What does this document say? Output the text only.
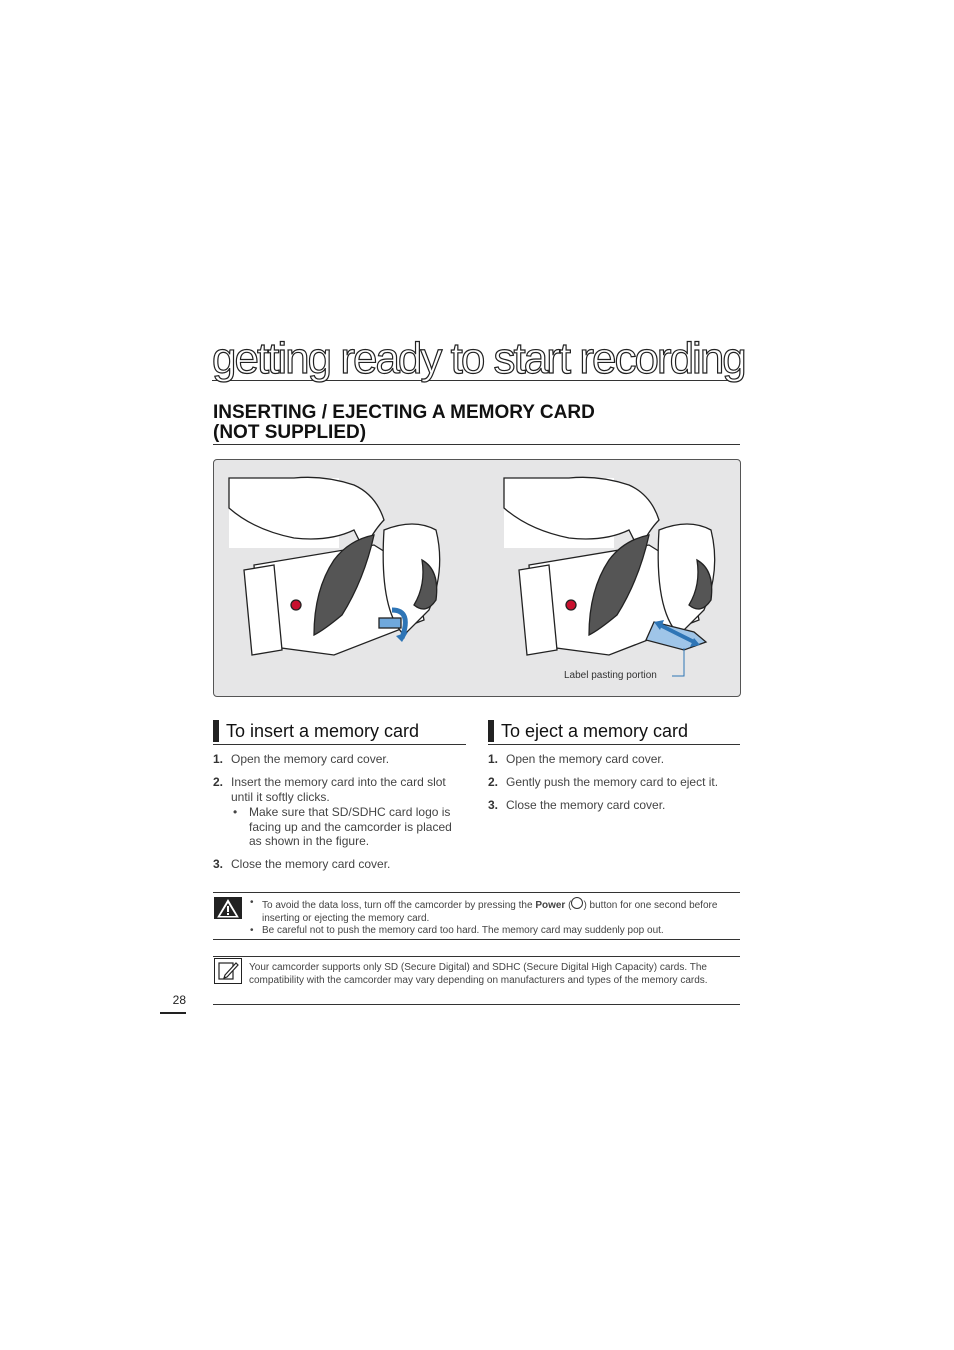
getting ready to start recording
INSERTING / EJECTING A MEMORY CARD
(NOT SUPPLIED)
Label pasting portion
To insert a memory card
1. Open the memory card cover.
2. Insert the memory card into the card slot until it softly clicks.
• Make sure that SD/SDHC card logo is facing up and the camcorder is placed as shown in the figure.
3. Close the memory card cover.
To eject a memory card
1. Open the memory card cover.
2. Gently push the memory card to eject it.
3. Close the memory card cover.
• To avoid the data loss, turn off the camcorder by pressing the Power ( ) button for one second before inserting or ejecting the memory card.
• Be careful not to push the memory card too hard. The memory card may suddenly pop out.

Your camcorder supports only SD (Secure Digital) and SDHC (Secure Digital High Capacity) cards. The compatibility with the camcorder may vary depending on manufacturers and types of the memory cards.

28
